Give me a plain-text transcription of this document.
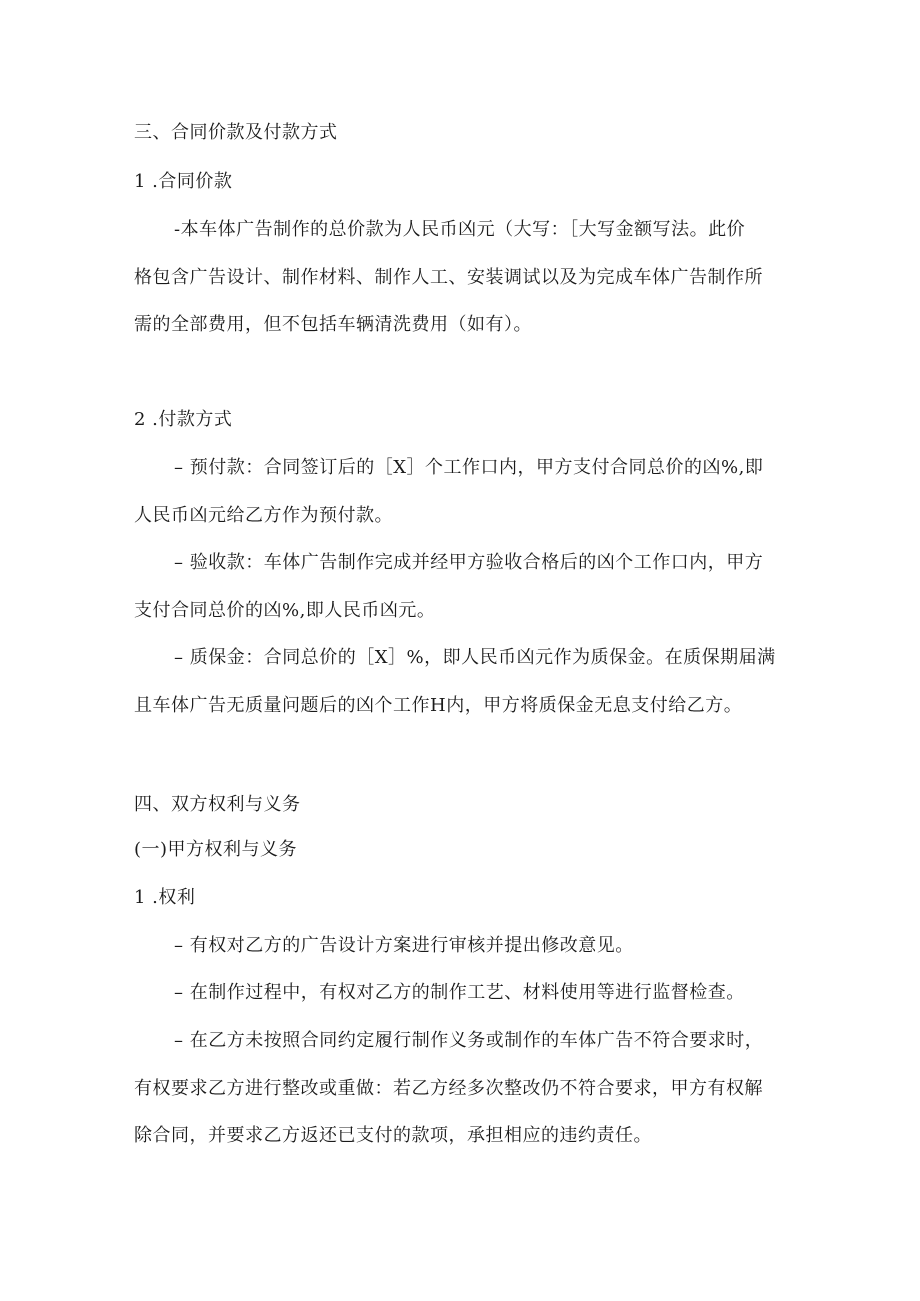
三、合同价款及付款方式
1 .合同价款
-本车体广告制作的总价款为人民币凶元（大写：［大写金额写法。此价
格包含广告设计、制作材料、制作人工、安装调试以及为完成车体广告制作所
需的全部费用，但不包括车辆清洗费用（如有）。
2 .付款方式
– 预付款：合同签订后的［X］个工作口内，甲方支付合同总价的凶%,即
人民币凶元给乙方作为预付款。
– 验收款：车体广告制作完成并经甲方验收合格后的凶个工作口内，甲方
支付合同总价的凶%,即人民币凶元。
– 质保金：合同总价的［X］%，即人民币凶元作为质保金。在质保期届满
且车体广告无质量问题后的凶个工作H内，甲方将质保金无息支付给乙方。
四、双方权利与义务
(一)甲方权利与义务
1 .权利
– 有权对乙方的广告设计方案进行审核并提出修改意见。
– 在制作过程中，有权对乙方的制作工艺、材料使用等进行监督检查。
– 在乙方未按照合同约定履行制作义务或制作的车体广告不符合要求时，
有权要求乙方进行整改或重做：若乙方经多次整改仍不符合要求，甲方有权解
除合同，并要求乙方返还已支付的款项，承担相应的违约责任。
